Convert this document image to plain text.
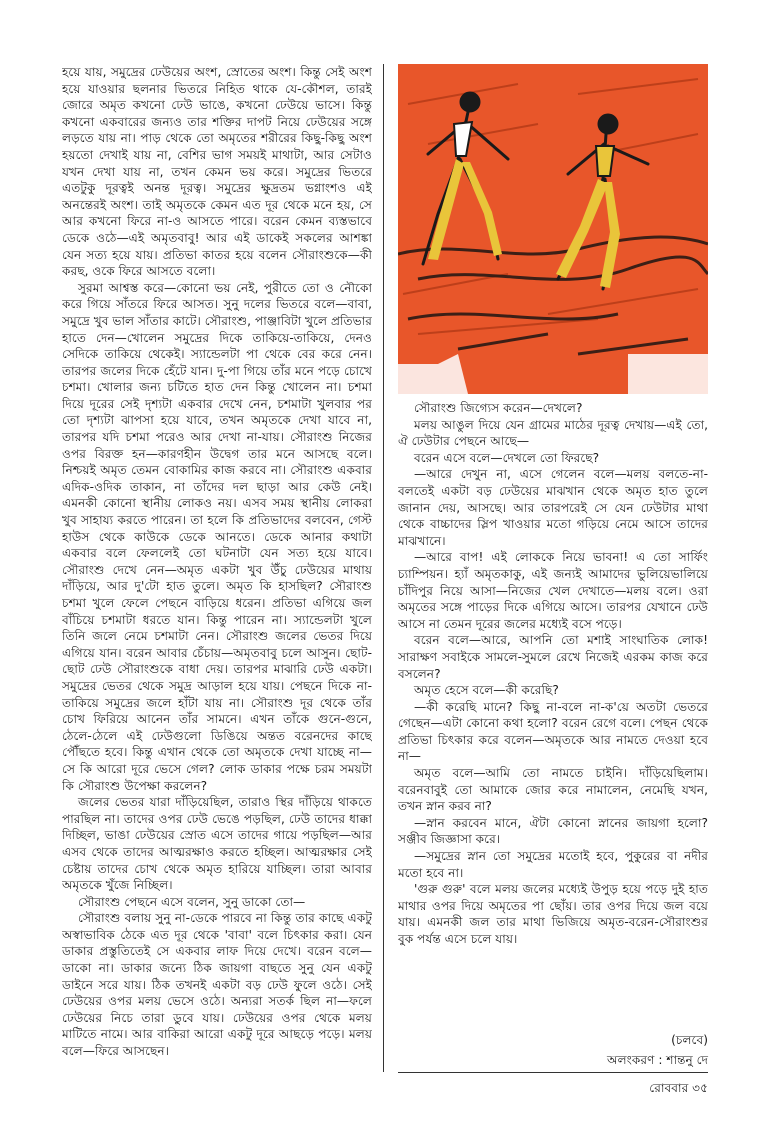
হয়ে যায়, সমুদ্রের ঢেউয়ের অংশ, স্রোতের অংশ। কিন্তু সেই অংশ হয়ে যাওয়ার ছলনার ভিতরে নিহিত থাকে যে-কৌশল, তারই জোরে অমৃত কখনো ঢেউ ভাঙে, কখনো ঢেউয়ে ভাসে। কিন্তু কখনো একবারের জন্যও তার শক্তির দাপট নিয়ে ঢেউয়ের সঙ্গে লড়তে যায় না। পাড় থেকে তো অমৃতের শরীরের কিছু-কিছু অংশ হয়তো দেখাই যায় না, বেশির ভাগ সময়ই মাথাটা, আর সেটাও যখন দেখা যায় না, তখন কেমন ভয় করে। সমুদ্রের ভিতরে এতটুকু দূরত্বই অনন্ত দূরত্ব। সমুদ্রের ক্ষুদ্রতম ভগ্নাংশও এই অনন্তেরই অংশ। তাই অমৃতকে কেমন এত দূর থেকে মনে হয়, সে আর কখনো ফিরে না-ও আসতে পারে। বরেন কেমন ব্যস্তভাবে ডেকে ওঠে—এই অমৃতবাবু! আর এই ডাকেই সকলের আশঙ্কা যেন সত্য হয়ে যায়। প্রতিভা কাতর হয়ে বলেন সৌরাংশুকে—কী করছ, ওকে ফিরে আসতে বলো।

সুরমা আশ্বস্ত করে—কোনো ভয় নেই, পুরীতে তো ও নৌকো করে গিয়ে সাঁতরে ফিরে আসত। সুনু দলের ভিতরে বলে—বাবা, সমুদ্রে খুব ভাল সাঁতার কাটে। সৌরাংশু, পাঞ্জাবিটা খুলে প্রতিভার হাতে দেন—খোলেন সমুদ্রের দিকে তাকিয়ে-তাকিয়ে, দেনও সেদিকে তাকিয়ে থেকেই। স্যান্ডেলটা পা থেকে বের করে নেন। তারপর জলের দিকে হেঁটে যান। দু-পা গিয়ে তাঁর মনে পড়ে চোখে চশমা। খোলার জন্য চটিতে হাত দেন কিন্তু খোলেন না। চশমা দিয়ে দূরের সেই দৃশ্যটা একবার দেখে নেন, চশমাটা খুলবার পর তো দৃশ্যটা ঝাপসা হয়ে যাবে, তখন অমৃতকে দেখা যাবে না, তারপর যদি চশমা পরেও আর দেখা না-যায়। সৌরাংশু নিজের ওপর বিরক্ত হন—কারণহীন উদ্বেগ তার মনে আসছে বলে। নিশ্চয়ই অমৃত তেমন বোকামির কাজ করবে না। সৌরাংশু একবার এদিক-ওদিক তাকান, না তাঁদের দল ছাড়া আর কেউ নেই। এমনকী কোনো স্থানীয় লোকও নয়। এসব সময় স্থানীয় লোকরা খুব সাহায্য করতে পারেন। তা হলে কি প্রতিভাদের বলবেন, গেস্ট হাউস থেকে কাউকে ডেকে আনতে। ডেকে আনার কথাটা একবার বলে ফেললেই তো ঘটনাটা যেন সত্য হয়ে যাবে। সৌরাংশু দেখে নেন—অমৃত একটা খুব উঁচু ঢেউয়ের মাথায় দাঁড়িয়ে, আর দু'টো হাত তুলে। অমৃত কি হাসছিল? সৌরাংশু চশমা খুলে ফেলে পেছনে বাড়িয়ে ধরেন। প্রতিভা এগিয়ে জল বাঁচিয়ে চশমাটা ধরতে যান। কিন্তু পারেন না। স্যান্ডেলটা খুলে তিনি জলে নেমে চশমাটা নেন। সৌরাংশু জলের ভেতর দিয়ে এগিয়ে যান। বরেন আবার চেঁচায়—অমৃতবাবু চলে আসুন। ছোট-ছোট ঢেউ সৌরাংশুকে বাধা দেয়। তারপর মাঝারি ঢেউ একটা। সমুদ্রের ভেতর থেকে সমুদ্র আড়াল হয়ে যায়। পেছনে দিকে না-তাকিয়ে সমুদ্রের জলে হাঁটা যায় না। সৌরাংশু দূর থেকে তাঁর চোখ ফিরিয়ে আনেন তাঁর সামনে। এখন তাঁকে গুনে-গুনে, ঠেলে-ঠেলে এই ঢেউগুলো ডিঙিয়ে অন্তত বরেনদের কাছে পৌঁছতে হবে। কিন্তু এখান থেকে তো অমৃতকে দেখা যাচ্ছে না—সে কি আরো দূরে ভেসে গেল? লোক ডাকার পক্ষে চরম সময়টা কি সৌরাংশু উপেক্ষা করলেন?

জলের ভেতর যারা দাঁড়িয়েছিল, তারাও স্থির দাঁড়িয়ে থাকতে পারছিল না। তাদের ওপর ঢেউ ভেঙে পড়ছিল, ঢেউ তাদের ধাক্কা দিচ্ছিল, ভাঙা ঢেউয়ের স্রোত এসে তাদের গায়ে পড়ছিল—আর এসব থেকে তাদের আত্মরক্ষাও করতে হচ্ছিল। আত্মরক্ষার সেই চেষ্টায় তাদের চোখ থেকে অমৃত হারিয়ে যাচ্ছিল। তারা আবার অমৃতকে খুঁজে নিচ্ছিল।

সৌরাংশু পেছনে এসে বলেন, সুনু ডাকো তো—

সৌরাংশু বলায় সুনু না-ডেকে পারবে না কিন্তু তার কাছে একটু অস্বাভাবিক ঠেকে এত দূর থেকে 'বাবা' বলে চিৎকার করা। যেন ডাকার প্রস্তুতিতেই সে একবার লাফ দিয়ে দেখে। বরেন বলে—ডাকো না। ডাকার জন্যে ঠিক জায়গা বাছতে সুনু যেন একটু ডাইনে সরে যায়। ঠিক তখনই একটা বড় ঢেউ ফুলে ওঠে। সেই ঢেউয়ের ওপর মলয় ভেসে ওঠে। অন্যরা সতর্ক ছিল না—ফলে ঢেউয়ের নিচে তারা ডুবে যায়। ঢেউয়ের ওপর থেকে মলয় মাটিতে নামে। আর বাকিরা আরো একটু দূরে আছড়ে পড়ে। মলয় বলে—ফিরে আসছেন।

সৌরাংশু জিগ্যেস করেন—দেখলে?

মলয় আঙুল দিয়ে যেন গ্রামের মাঠের দূরত্ব দেখায়—এই তো, ঐ ঢেউটার পেছনে আছে—

বরেন এসে বলে—দেখলে তো ফিরছে?

—আরে দেখুন না, এসে গেলেন বলে—মলয় বলতে-না-বলতেই একটা বড় ঢেউয়ের মাঝখান থেকে অমৃত হাত তুলে জানান দেয়, আসছে। আর তারপরেই সে যেন ঢেউটার মাথা থেকে বাচ্চাদের স্লিপ খাওয়ার মতো গড়িয়ে নেমে আসে তাদের মাঝখানে।

—আরে বাপ! এই লোককে নিয়ে ভাবনা! এ তো সার্ফিং চ্যাম্পিয়ন। হ্যাঁ অমৃতকাকু, এই জন্যই আমাদের ভুলিয়েভালিয়ে চাঁদিপুর নিয়ে আসা—নিজের খেল দেখাতে—মলয় বলে। ওরা অমৃতের সঙ্গে পাড়ের দিকে এগিয়ে আসে। তারপর যেখানে ঢেউ আসে না তেমন দূরের জলের মধ্যেই বসে পড়ে।

বরেন বলে—আরে, আপনি তো মশাই সাংঘাতিক লোক! সারাক্ষণ সবাইকে সামলে-সুমলে রেখে নিজেই এরকম কাজ করে বসলেন?

অমৃত হেসে বলে—কী করেছি?

—কী করেছি মানে? কিছু না-বলে না-ক'য়ে অতটা ভেতরে গেছেন—এটা কোনো কথা হলো? বরেন রেগে বলে। পেছন থেকে প্রতিভা চিৎকার করে বলেন—অমৃতকে আর নামতে দেওয়া হবে না—

অমৃত বলে—আমি তো নামতে চাইনি। দাঁড়িয়েছিলাম। বরেনবাবুই তো আমাকে জোর করে নামালেন, নেমেছি যখন, তখন স্নান করব না?

—স্নান করবেন মানে, ঐটা কোনো স্নানের জায়গা হলো? সঞ্জীব জিজ্ঞাসা করে।

—সমুদ্রের স্নান তো সমুদ্রের মতোই হবে, পুকুরের বা নদীর মতো হবে না।

'গুরু গুরু' বলে মলয় জলের মধ্যেই উপুড় হয়ে পড়ে দুই হাত মাথার ওপর দিয়ে অমৃতের পা ছোঁয়। তার ওপর দিয়ে জল বয়ে যায়। এমনকী জল তার মাথা ভিজিয়ে অমৃত-বরেন-সৌরাংশুর বুক পর্যন্ত এসে চলে যায়।

(চলবে)
অলংকরণ : শান্তনু দে
রোববার ৩৫
